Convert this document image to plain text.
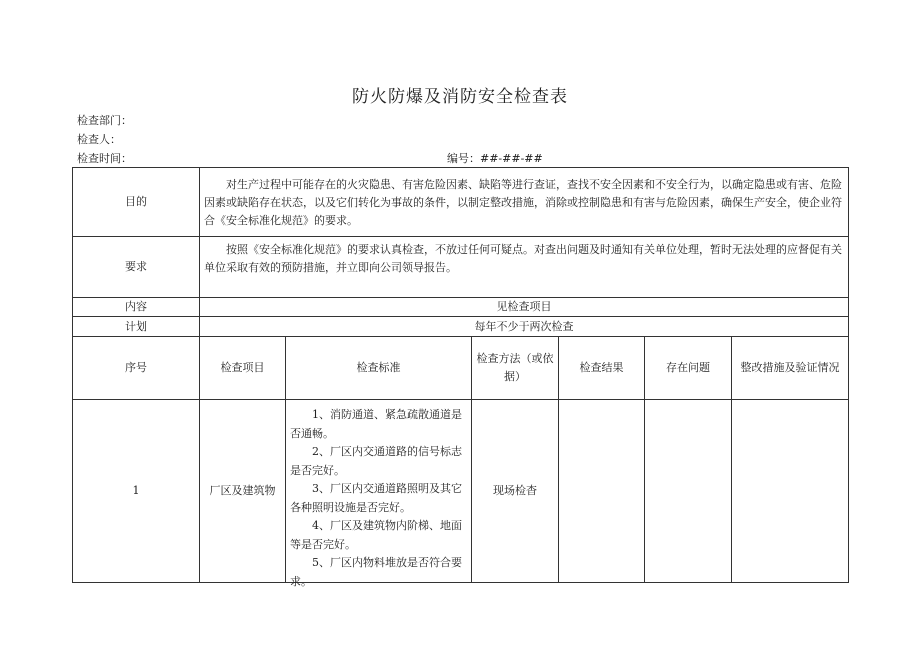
防火防爆及消防安全检查表
检查部门：
检查人：
检查时间：	编号：##-##-##
目的	对生产过程中可能存在的火灾隐患、有害危险因素、缺陷等进行查证，查找不安全因素和不安全行为，以确定隐患或有害、危险因素或缺陷存在状态，以及它们转化为事故的条件，以制定整改措施，消除或控制隐患和有害与危险因素，确保生产安全，使企业符合《安全标准化规范》的要求。					
要求	按照《安全标准化规范》的要求认真检查，不放过任何可疑点。对查出问题及时通知有关单位处理，暂时无法处理的应督促有关单位采取有效的预防措施，并立即向公司领导报告。					
内容	见检查项目					
计划	每年不少于两次检查					
序号	检查项目	检查标准	检查方法（或依据）	检查结果	存在问题	整改措施及验证情况
1	厂区及建筑物	1、消防通道、紧急疏散通道是否通畅。
2、厂区内交通道路的信号标志是否完好。
3、厂区内交通道路照明及其它各种照明设施是否完好。
4、厂区及建筑物内阶梯、地面等是否完好。
5、厂区内物料堆放是否符合要求。	现场检杳			
